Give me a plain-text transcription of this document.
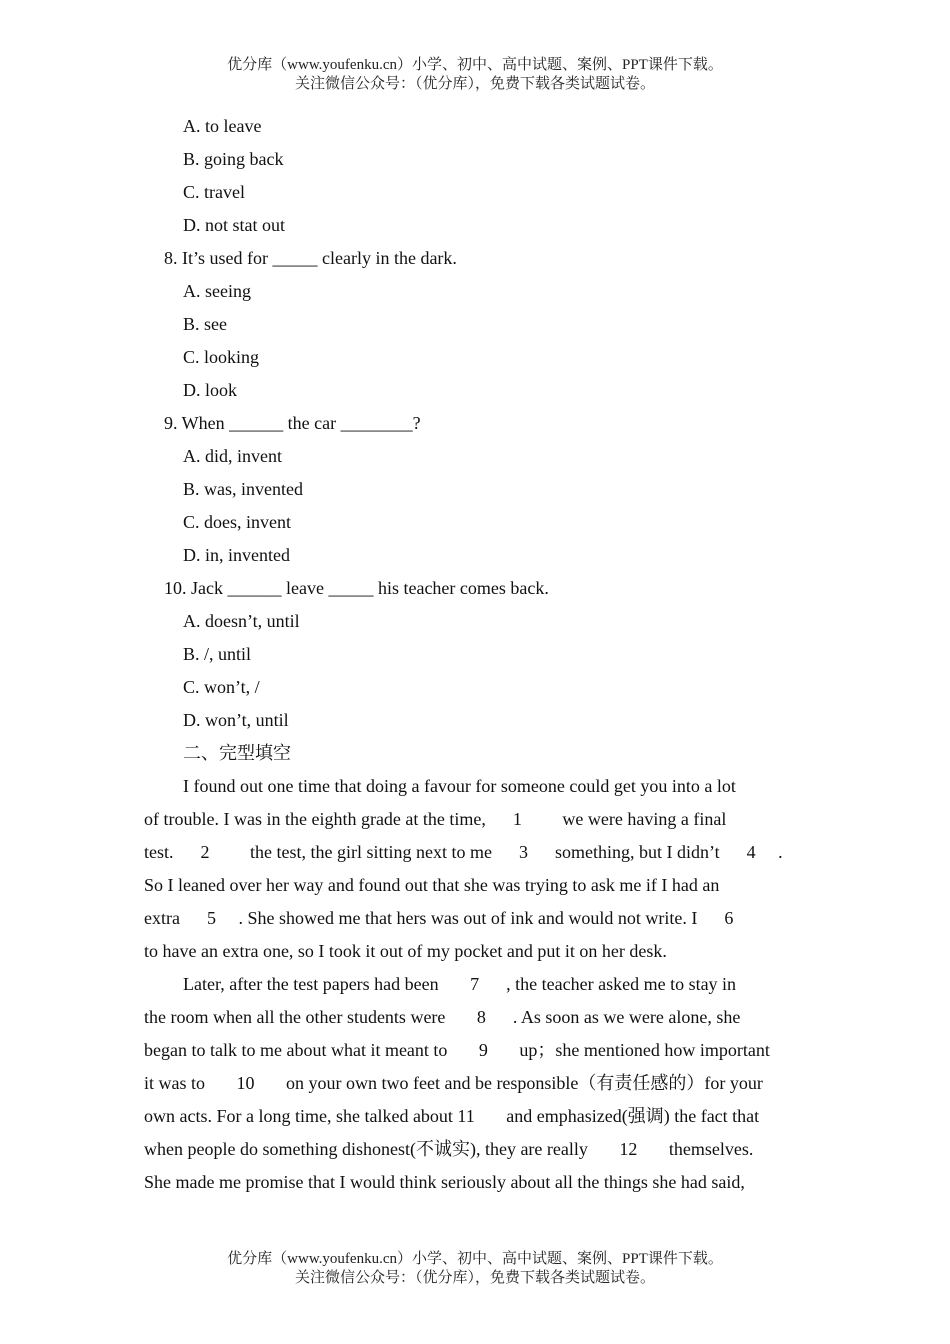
优分库（www.youfenku.cn）小学、初中、高中试题、案例、PPT课件下载。
关注微信公众号：（优分库），免费下载各类试题试卷。
A. to leave
B. going back
C. travel
D. not stat out
8. It’s used for _____ clearly in the dark.
A. seeing
B. see
C. looking
D. look
9. When ______ the car ________?
A. did, invent
B. was, invented
C. does, invent
D. in, invented
10. Jack ______ leave _____ his teacher comes back.
A. doesn’t, until
B. /, until
C. won’t, /
D. won’t, until
二、完型填空
I found out one time that doing a favour for someone could get you into a lot
of trouble. I was in the eighth grade at the time,      1         we were having a final
test.      2         the test, the girl sitting next to me      3      something, but I didn’t      4     .
So I leaned over her way and found out that she was trying to ask me if I had an
extra      5     . She showed me that hers was out of ink and would not write. I      6
to have an extra one, so I took it out of my pocket and put it on her desk.
Later, after the test papers had been       7      , the teacher asked me to stay in
the room when all the other students were       8      . As soon as we were alone, she
began to talk to me about what it meant to       9       up；she mentioned how important
it was to       10       on your own two feet and be responsible（有责任感的）for your
own acts. For a long time, she talked about 11       and emphasized(强调) the fact that
when people do something dishonest(不诚实), they are really       12       themselves.
She made me promise that I would think seriously about all the things she had said,
优分库（www.youfenku.cn）小学、初中、高中试题、案例、PPT课件下载。
关注微信公众号：（优分库），免费下载各类试题试卷。
